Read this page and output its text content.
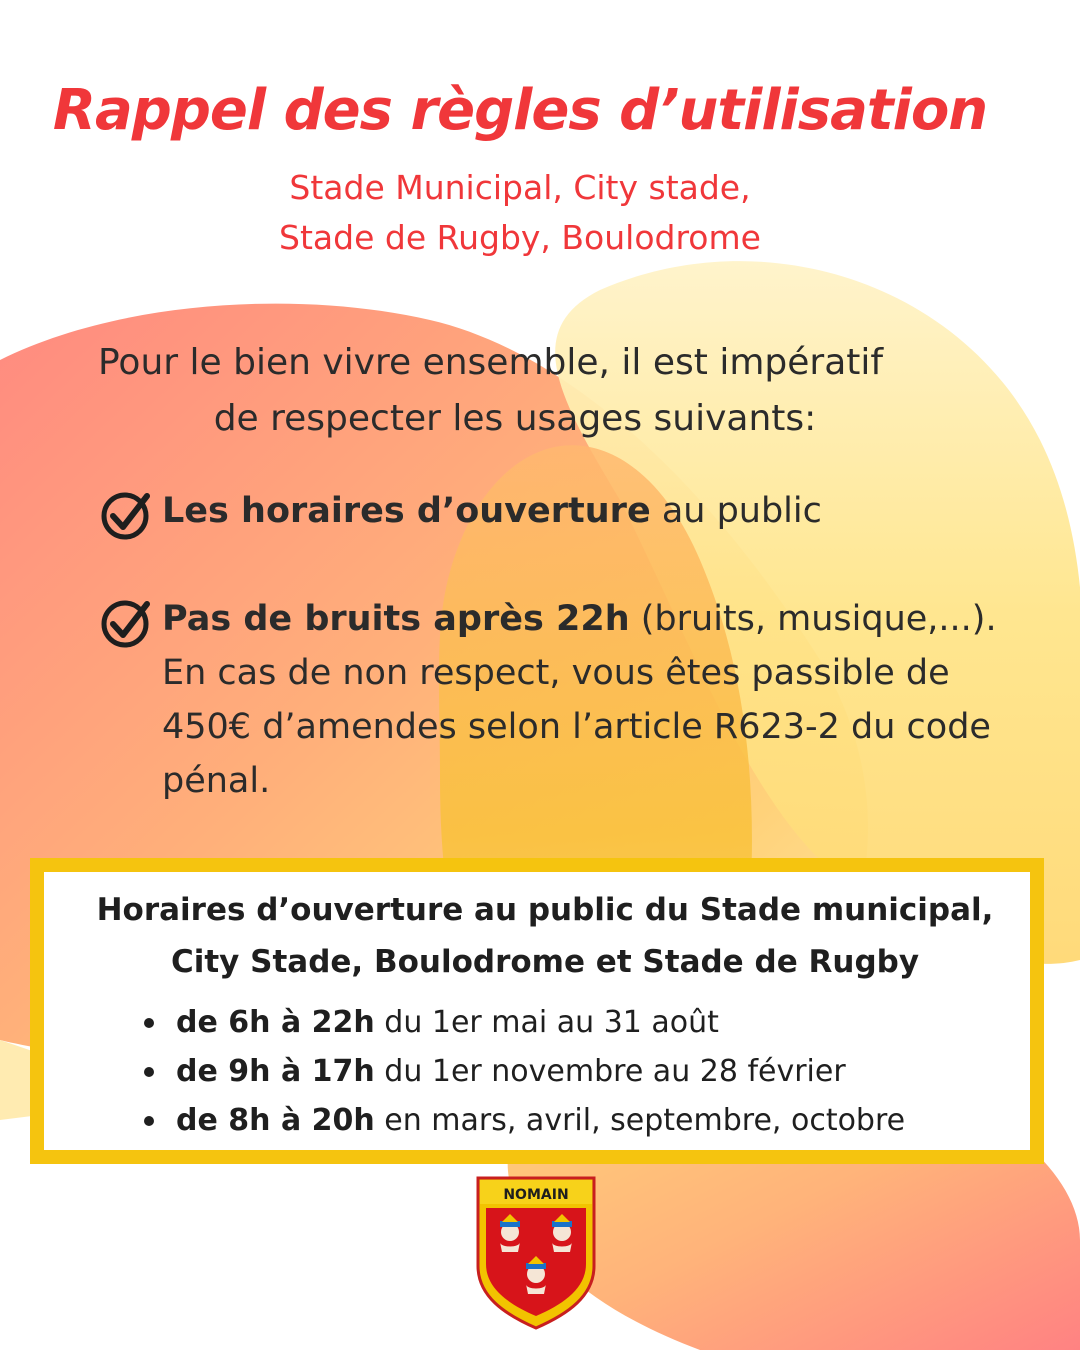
Rappel des règles d’utilisation
Stade Municipal, City stade,
Stade de Rugby, Boulodrome
Pour le bien vivre ensemble, il est impératif
de respecter les usages suivants:
Les horaires d’ouverture au public
Pas de bruits après 22h (bruits, musique,...).
En cas de non respect, vous êtes passible de
450€ d’amendes selon l’article R623-2 du code
pénal.
Horaires d’ouverture au public du Stade municipal,
City Stade, Boulodrome et Stade de Rugby
de 6h à 22h du 1er mai au 31 août
de 9h à 17h du 1er novembre au 28 février
de 8h à 20h en mars, avril, septembre, octobre
NOMAIN
